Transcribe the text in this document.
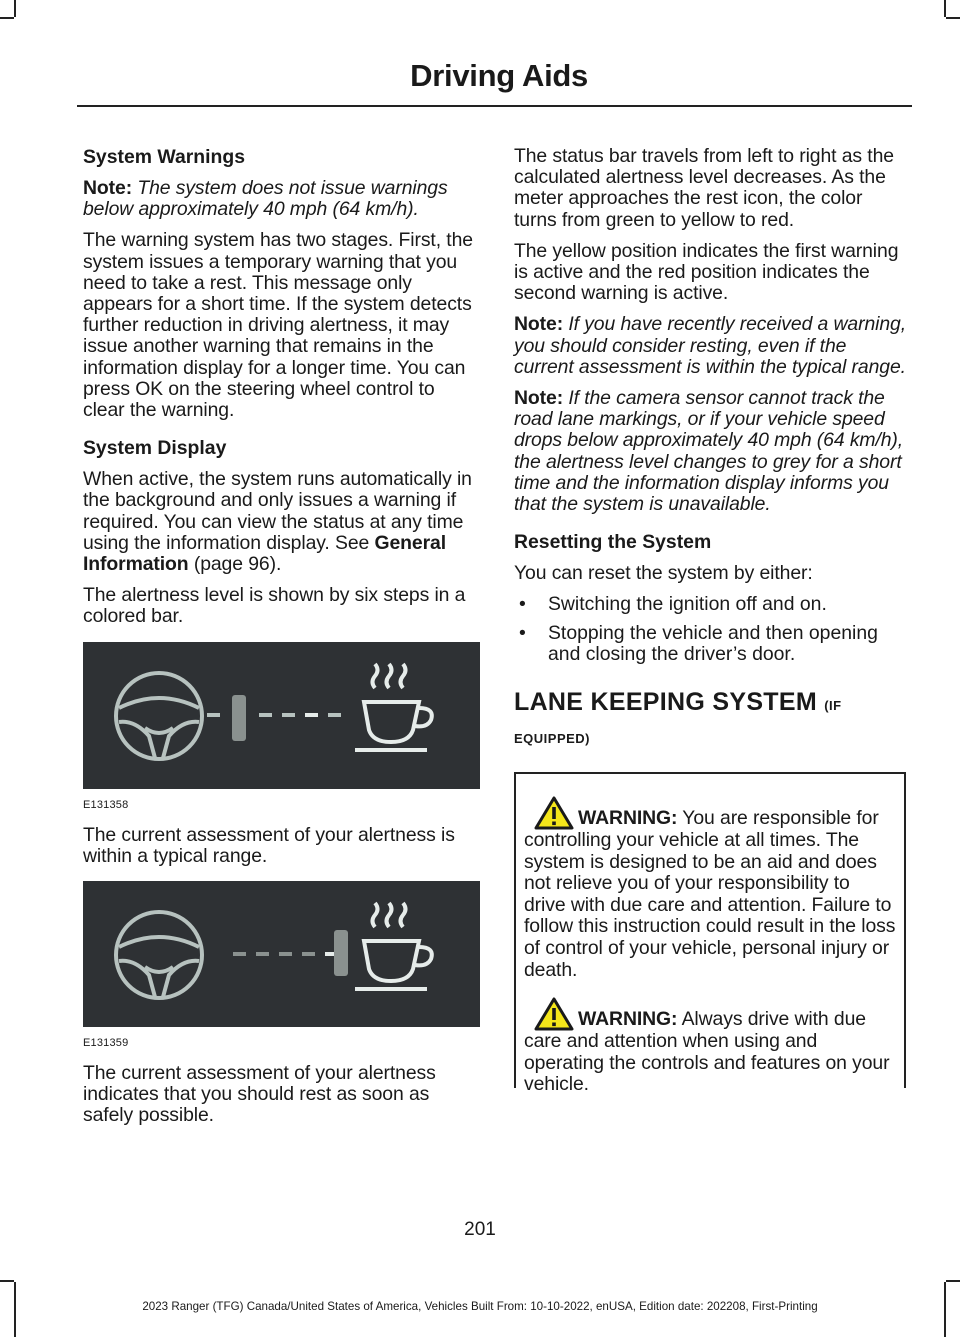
Driving Aids
System Warnings

Note: The system does not issue warnings below approximately 40 mph (64 km/h).

The warning system has two stages. First, the system issues a temporary warning that you need to take a rest. This message only appears for a short time. If the system detects further reduction in driving alertness, it may issue another warning that remains in the information display for a longer time. You can press OK on the steering wheel control to clear the warning.

System Display

When active, the system runs automatically in the background and only issues a warning if required. You can view the status at any time using the information display. See General Information (page 96).

The alertness level is shown by six steps in a colored bar.

E131358

The current assessment of your alertness is within a typical range.

E131359

The current assessment of your alertness indicates that you should rest as soon as safely possible.

The status bar travels from left to right as the calculated alertness level decreases. As the meter approaches the rest icon, the color turns from green to yellow to red.

The yellow position indicates the first warning is active and the red position indicates the second warning is active.

Note: If you have recently received a warning, you should consider resting, even if the current assessment is within the typical range.

Note: If the camera sensor cannot track the road lane markings, or if your vehicle speed drops below approximately 40 mph (64 km/h), the alertness level changes to grey for a short time and the information display informs you that the system is unavailable.

Resetting the System

You can reset the system by either:

• Switching the ignition off and on.
• Stopping the vehicle and then opening and closing the driver’s door.
LANE KEEPING SYSTEM (IF
EQUIPPED)

WARNING: You are responsible for controlling your vehicle at all times. The system is designed to be an aid and does not relieve you of your responsibility to drive with due care and attention. Failure to follow this instruction could result in the loss of control of your vehicle, personal injury or death.

WARNING: Always drive with due care and attention when using and operating the controls and features on your vehicle.

201
2023 Ranger (TFG) Canada/United States of America, Vehicles Built From: 10-10-2022, enUSA, Edition date: 202208, First-Printing
